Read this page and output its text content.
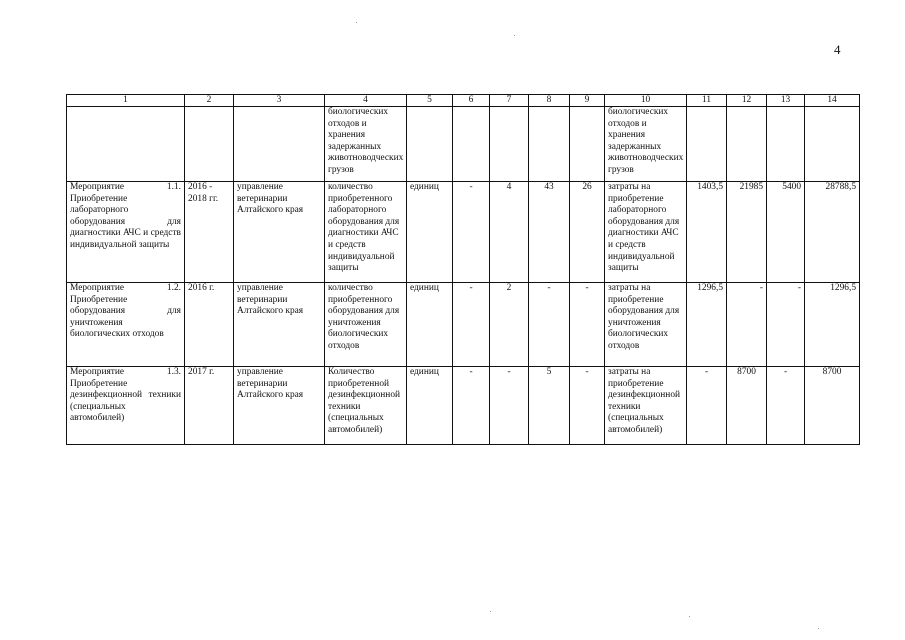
4
1	2	3	4	5	6	7	8	9	10	11	12	13	14
			биологических отходов и хранения задержанных животноводческих грузов						биологических отходов и хранения задержанных животноводческих грузов				
Мероприятие 1.1. Приобретение лабораторного оборудования для диагностики АЧС и средств индивидуальной защиты	2016 - 2018 гг.	управление ветеринарии Алтайского края	количество приобретенного лабораторного оборудования для диагностики АЧС и средств индивидуальной защиты	единиц	-	4	43	26	затраты на приобретение лабораторного оборудования для диагностики АЧС и средств индивидуальной защиты	1403,5	21985	5400	28788,5
Мероприятие 1.2. Приобретение оборудования для уничтожения биологических отходов	2016 г.	управление ветеринарии Алтайского края	количество приобретенного оборудования для уничтожения биологических отходов	единиц	-	2	-	-	затраты на приобретение оборудования для уничтожения биологических отходов	1296,5	-	-	1296,5
Мероприятие 1.3. Приобретение дезинфекционной техники (специальных автомобилей)	2017 г.	управление ветеринарии Алтайского края	Количество приобретенной дезинфекционной техники (специальных автомобилей)	единиц	-	-	5	-	затраты на приобретение дезинфекционной техники (специальных автомобилей)	-	8700	-	8700
